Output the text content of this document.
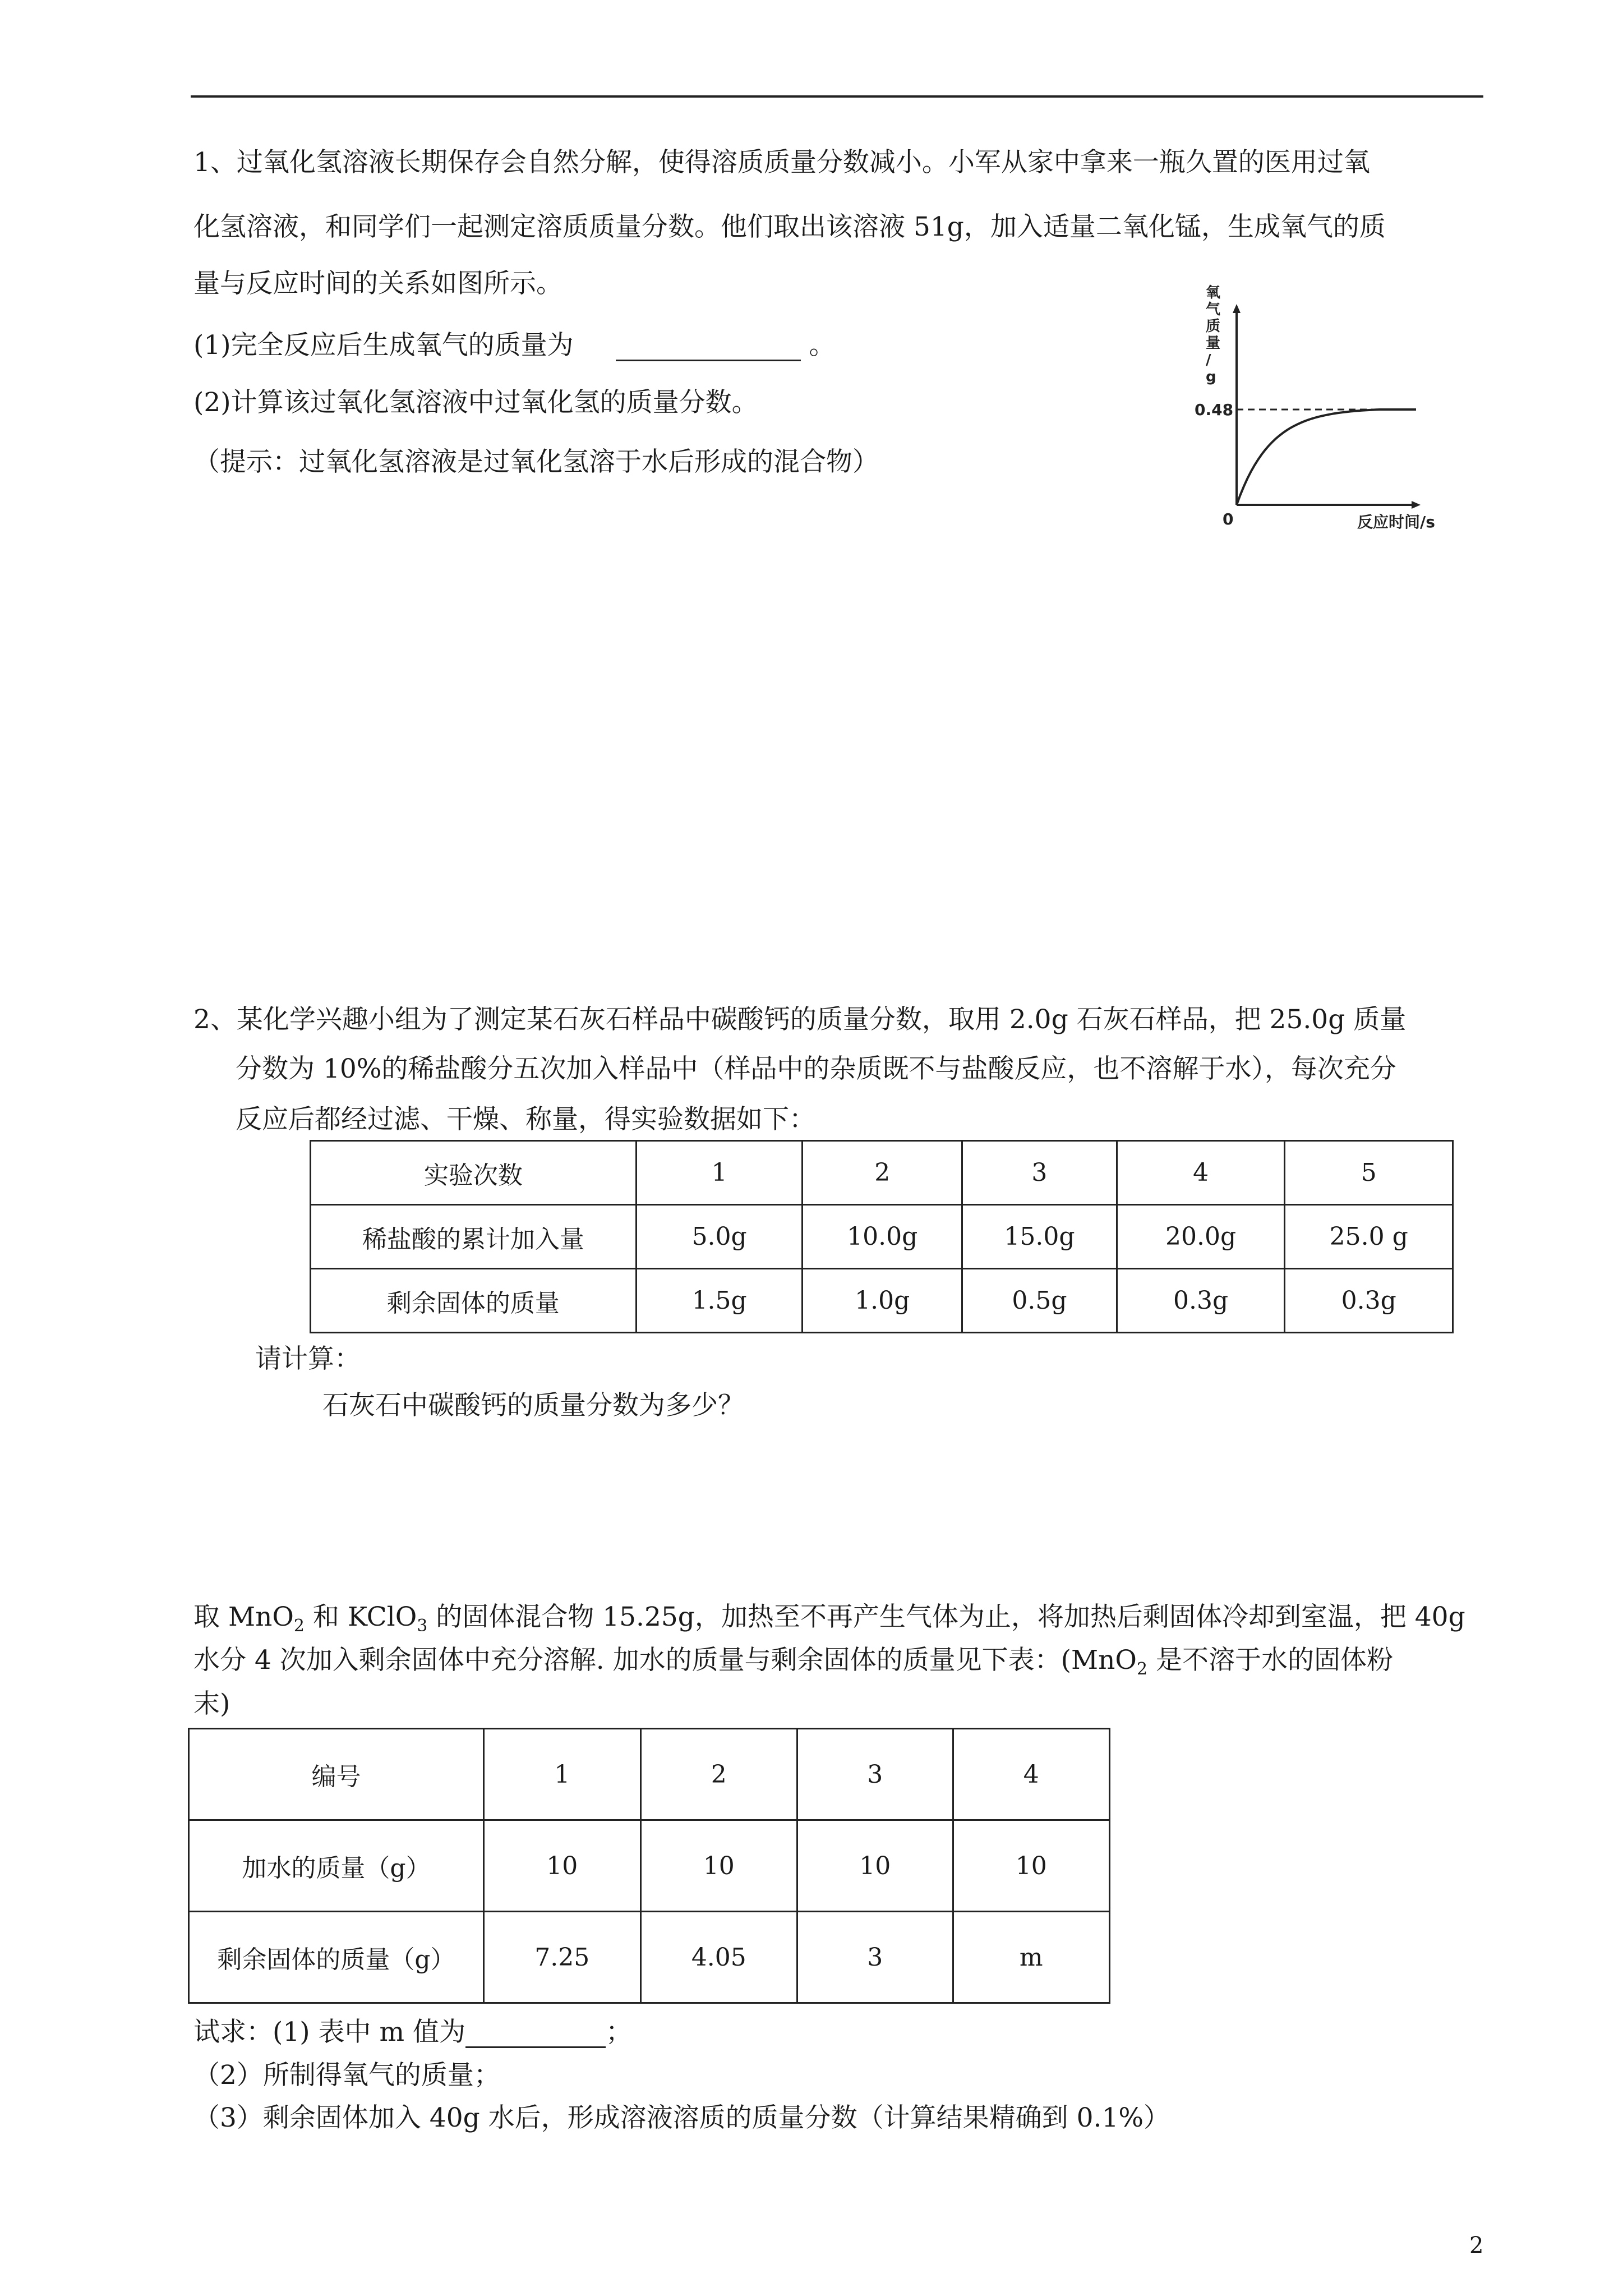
1、过氧化氢溶液长期保存会自然分解，使得溶质质量分数减小。小军从家中拿来一瓶久置的医用过氧
化氢溶液，和同学们一起测定溶质质量分数。他们取出该溶液 51g，加入适量二氧化锰，生成氧气的质
量与反应时间的关系如图所示。
(1)完全反应后生成氧气的质量为	。
(2)计算该过氧化氢溶液中过氧化氢的质量分数。
（提示：过氧化氢溶液是过氧化氢溶于水后形成的混合物）
氧
气
质
量
/
g
0.48
0	反应时间/s
2、某化学兴趣小组为了测定某石灰石样品中碳酸钙的质量分数，取用 2.0g 石灰石样品，把 25.0g 质量
分数为 10%的稀盐酸分五次加入样品中（样品中的杂质既不与盐酸反应，也不溶解于水），每次充分
反应后都经过滤、干燥、称量，得实验数据如下：
实验次数	1	2	3	4	5
稀盐酸的累计加入量	5.0g	10.0g	15.0g	20.0g	25.0 g
剩余固体的质量	1.5g	1.0g	0.5g	0.3g	0.3g
请计算：
石灰石中碳酸钙的质量分数为多少？
取 MnO$_2$ 和 KClO$_3$ 的固体混合物 15.25g，加热至不再产生气体为止，将加热后剩固体冷却到室温，把 40g
水分 4 次加入剩余固体中充分溶解. 加水的质量与剩余固体的质量见下表：(MnO$_2$ 是不溶于水的固体粉
末)
编号	1	2	3	4
加水的质量（g）	10	10	10	10
剩余固体的质量（g）	7.25	4.05	3	m
试求：(1) 表中 m 值为	；
（2）所制得氧气的质量；
（3）剩余固体加入 40g 水后，形成溶液溶质的质量分数（计算结果精确到 0.1%）
2
